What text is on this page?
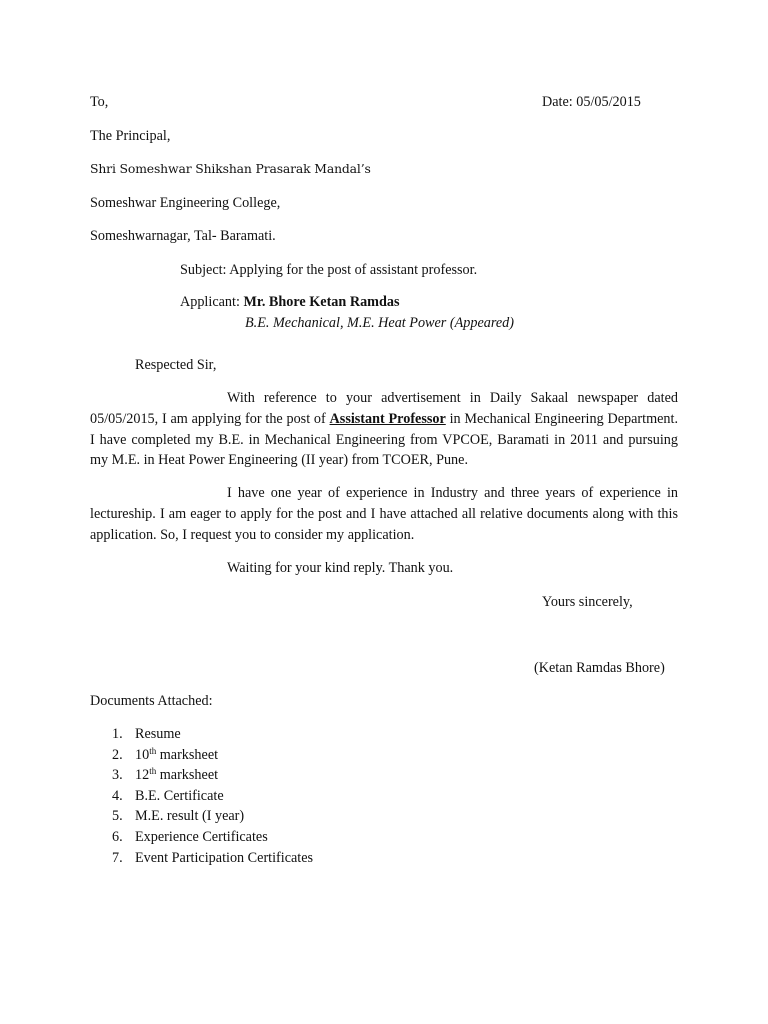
To,	Date: 05/05/2015

The Principal,

Shri Someshwar Shikshan Prasarak Mandal’s

Someshwar Engineering College,

Someshwarnagar, Tal- Baramati.

Subject: Applying for the post of assistant professor.

Applicant: Mr. Bhore Ketan Ramdas

B.E. Mechanical, M.E. Heat Power (Appeared)

Respected Sir,

With reference to your advertisement in Daily Sakaal newspaper dated 05/05/2015, I am applying for the post of Assistant Professor in Mechanical Engineering Department. I have completed my B.E. in Mechanical Engineering from VPCOE, Baramati in 2011 and pursuing my M.E. in Heat Power Engineering (II year) from TCOER, Pune.

I have one year of experience in Industry and three years of experience in lectureship. I am eager to apply for the post and I have attached all relative documents along with this application. So, I request you to consider my application.

Waiting for your kind reply. Thank you.

Yours sincerely,

(Ketan Ramdas Bhore)

Documents Attached:

1. Resume
2. 10th marksheet
3. 12th marksheet
4. B.E. Certificate
5. M.E. result (I year)
6. Experience Certificates
7. Event Participation Certificates
